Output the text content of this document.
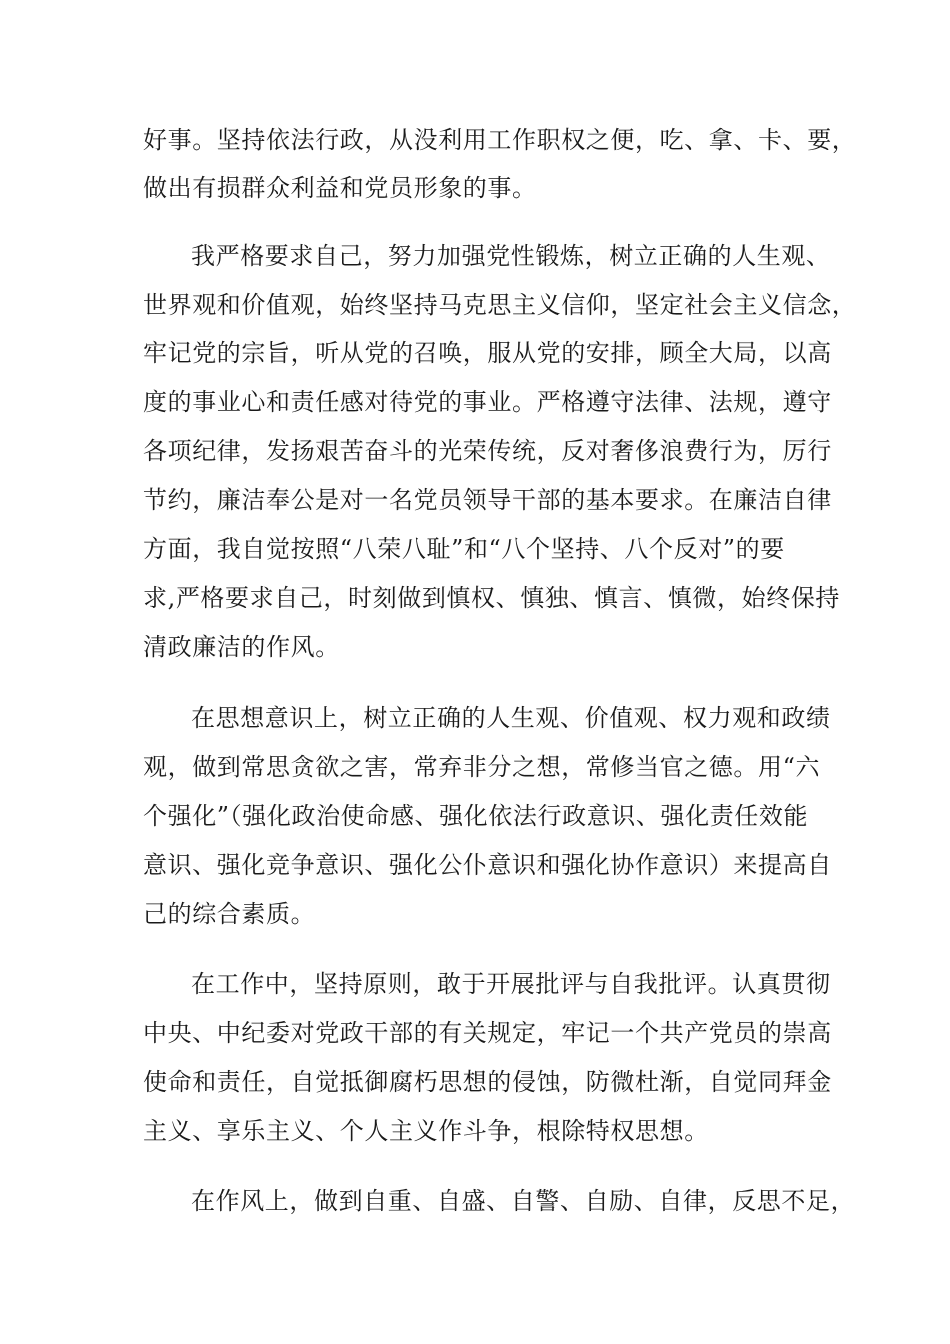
好事。坚持依法行政，从没利用工作职权之便，吃、拿、卡、要，
做出有损群众利益和党员形象的事。
我严格要求自己，努力加强党性锻炼，树立正确的人生观、
世界观和价值观，始终坚持马克思主义信仰，坚定社会主义信念，
牢记党的宗旨，听从党的召唤，服从党的安排，顾全大局，以高
度的事业心和责任感对待党的事业。严格遵守法律、法规，遵守
各项纪律，发扬艰苦奋斗的光荣传统，反对奢侈浪费行为，厉行
节约，廉洁奉公是对一名党员领导干部的基本要求。在廉洁自律
方面，我自觉按照“八荣八耻”和“八个坚持、八个反对”的要
求,严格要求自己，时刻做到慎权、慎独、慎言、慎微，始终保持
清政廉洁的作风。
在思想意识上，树立正确的人生观、价值观、权力观和政绩
观，做到常思贪欲之害，常弃非分之想，常修当官之德。用“六
个强化”（强化政治使命感、强化依法行政意识、强化责任效能
意识、强化竞争意识、强化公仆意识和强化协作意识）来提高自
己的综合素质。
在工作中，坚持原则，敢于开展批评与自我批评。认真贯彻
中央、中纪委对党政干部的有关规定，牢记一个共产党员的崇高
使命和责任，自觉抵御腐朽思想的侵蚀，防微杜渐，自觉同拜金
主义、享乐主义、个人主义作斗争，根除特权思想。
在作风上，做到自重、自盛、自警、自励、自律，反思不足，
